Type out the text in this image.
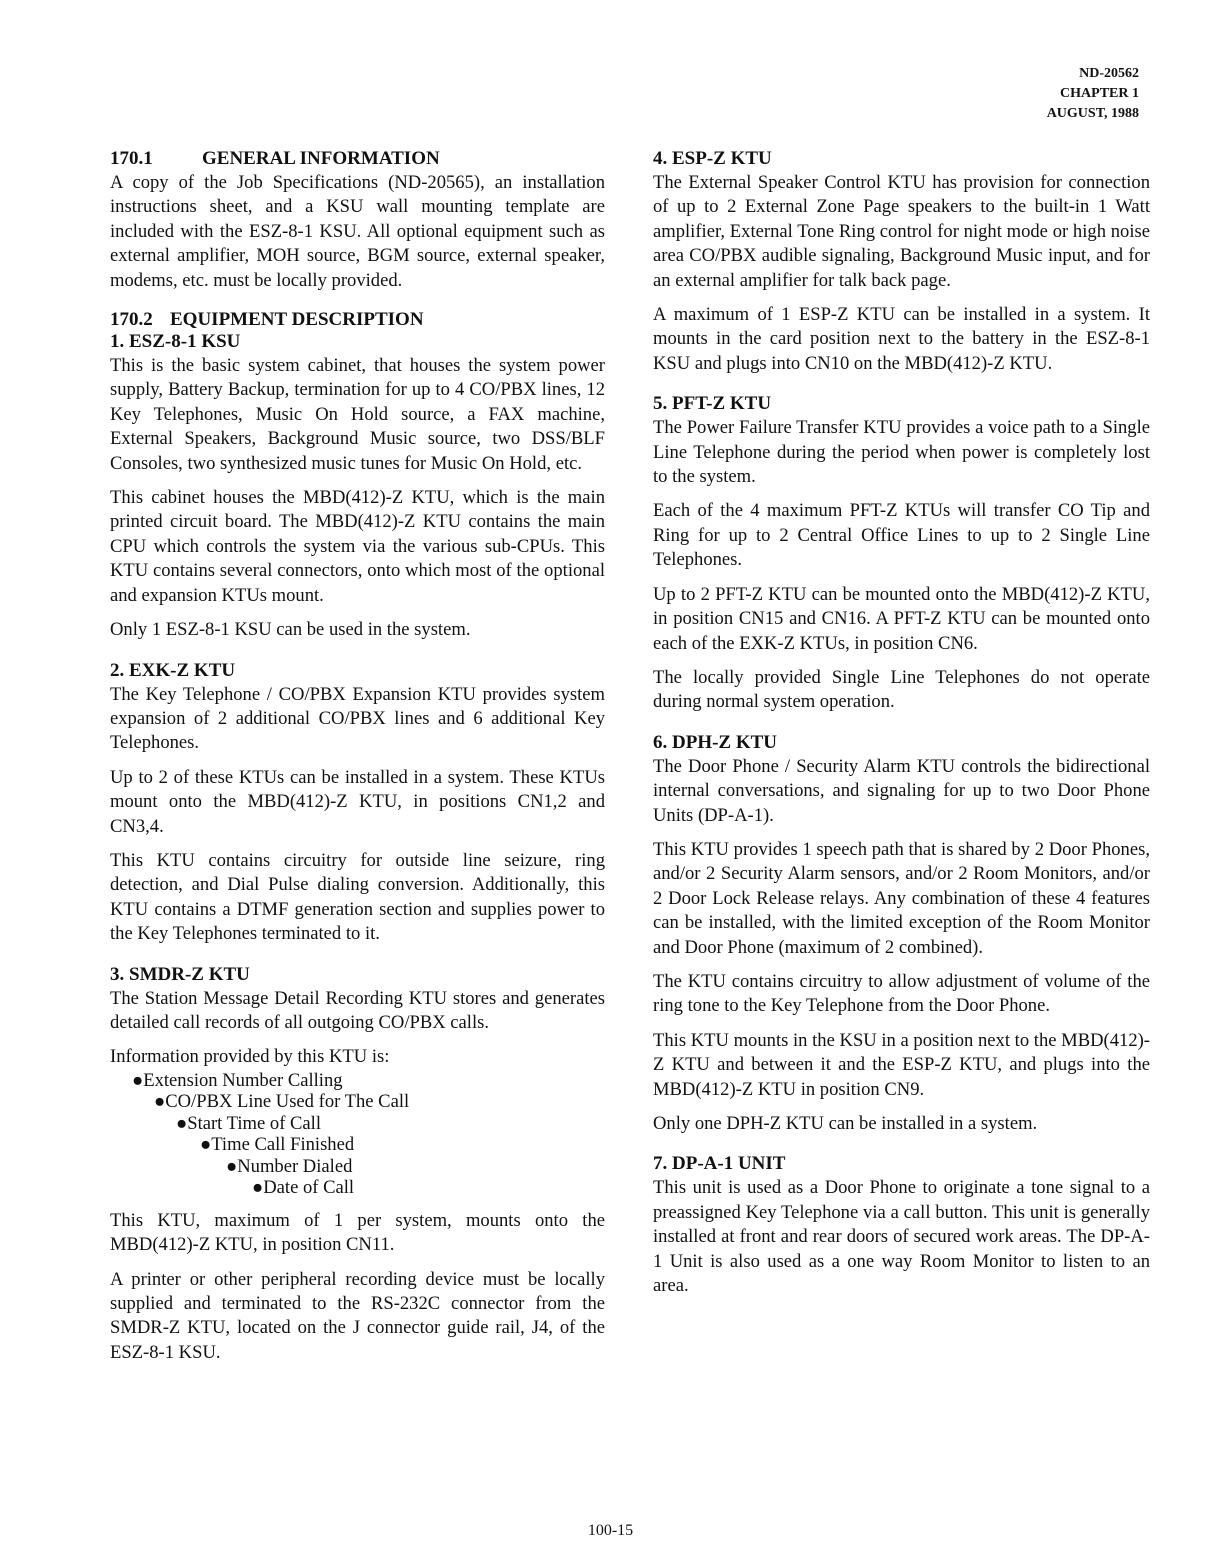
ND-20562
CHAPTER 1
AUGUST, 1988
170.1	GENERAL INFORMATION
A copy of the Job Specifications (ND-20565), an installation instructions sheet, and a KSU wall mounting template are included with the ESZ-8-1 KSU. All optional equipment such as external amplifier, MOH source, BGM source, external speaker, modems, etc. must be locally provided.
170.2 EQUIPMENT DESCRIPTION
1. ESZ-8-1 KSU
This is the basic system cabinet, that houses the system power supply, Battery Backup, termination for up to 4 CO/PBX lines, 12 Key Telephones, Music On Hold source, a FAX machine, External Speakers, Background Music source, two DSS/BLF Consoles, two synthesized music tunes for Music On Hold, etc.
This cabinet houses the MBD(412)-Z KTU, which is the main printed circuit board. The MBD(412)-Z KTU contains the main CPU which controls the system via the various sub-CPUs. This KTU contains several connectors, onto which most of the optional and expansion KTUs mount.
Only 1 ESZ-8-1 KSU can be used in the system.
2. EXK-Z KTU
The Key Telephone / CO/PBX Expansion KTU provides system expansion of 2 additional CO/PBX lines and 6 additional Key Telephones.
Up to 2 of these KTUs can be installed in a system. These KTUs mount onto the MBD(412)-Z KTU, in positions CN1,2 and CN3,4.
This KTU contains circuitry for outside line seizure, ring detection, and Dial Pulse dialing conversion. Additionally, this KTU contains a DTMF generation section and supplies power to the Key Telephones terminated to it.
3. SMDR-Z KTU
The Station Message Detail Recording KTU stores and generates detailed call records of all outgoing CO/PBX calls.
Information provided by this KTU is:
●Extension Number Calling
●CO/PBX Line Used for The Call
●Start Time of Call
●Time Call Finished
●Number Dialed
●Date of Call
This KTU, maximum of 1 per system, mounts onto the MBD(412)-Z KTU, in position CN11.
A printer or other peripheral recording device must be locally supplied and terminated to the RS-232C connector from the SMDR-Z KTU, located on the J connector guide rail, J4, of the ESZ-8-1 KSU.
4. ESP-Z KTU
The External Speaker Control KTU has provision for connection of up to 2 External Zone Page speakers to the built-in 1 Watt amplifier, External Tone Ring control for night mode or high noise area CO/PBX audible signaling, Background Music input, and for an external amplifier for talk back page.
A maximum of 1 ESP-Z KTU can be installed in a system. It mounts in the card position next to the battery in the ESZ-8-1 KSU and plugs into CN10 on the MBD(412)-Z KTU.
5. PFT-Z KTU
The Power Failure Transfer KTU provides a voice path to a Single Line Telephone during the period when power is completely lost to the system.
Each of the 4 maximum PFT-Z KTUs will transfer CO Tip and Ring for up to 2 Central Office Lines to up to 2 Single Line Telephones.
Up to 2 PFT-Z KTU can be mounted onto the MBD(412)-Z KTU, in position CN15 and CN16. A PFT-Z KTU can be mounted onto each of the EXK-Z KTUs, in position CN6.
The locally provided Single Line Telephones do not operate during normal system operation.
6. DPH-Z KTU
The Door Phone / Security Alarm KTU controls the bidirectional internal conversations, and signaling for up to two Door Phone Units (DP-A-1).
This KTU provides 1 speech path that is shared by 2 Door Phones, and/or 2 Security Alarm sensors, and/or 2 Room Monitors, and/or 2 Door Lock Release relays. Any combination of these 4 features can be installed, with the limited exception of the Room Monitor and Door Phone (maximum of 2 combined).
The KTU contains circuitry to allow adjustment of volume of the ring tone to the Key Telephone from the Door Phone.
This KTU mounts in the KSU in a position next to the MBD(412)-Z KTU and between it and the ESP-Z KTU, and plugs into the MBD(412)-Z KTU in position CN9.
Only one DPH-Z KTU can be installed in a system.
7. DP-A-1 UNIT
This unit is used as a Door Phone to originate a tone signal to a preassigned Key Telephone via a call button. This unit is generally installed at front and rear doors of secured work areas. The DP-A-1 Unit is also used as a one way Room Monitor to listen to an area.
100-15
